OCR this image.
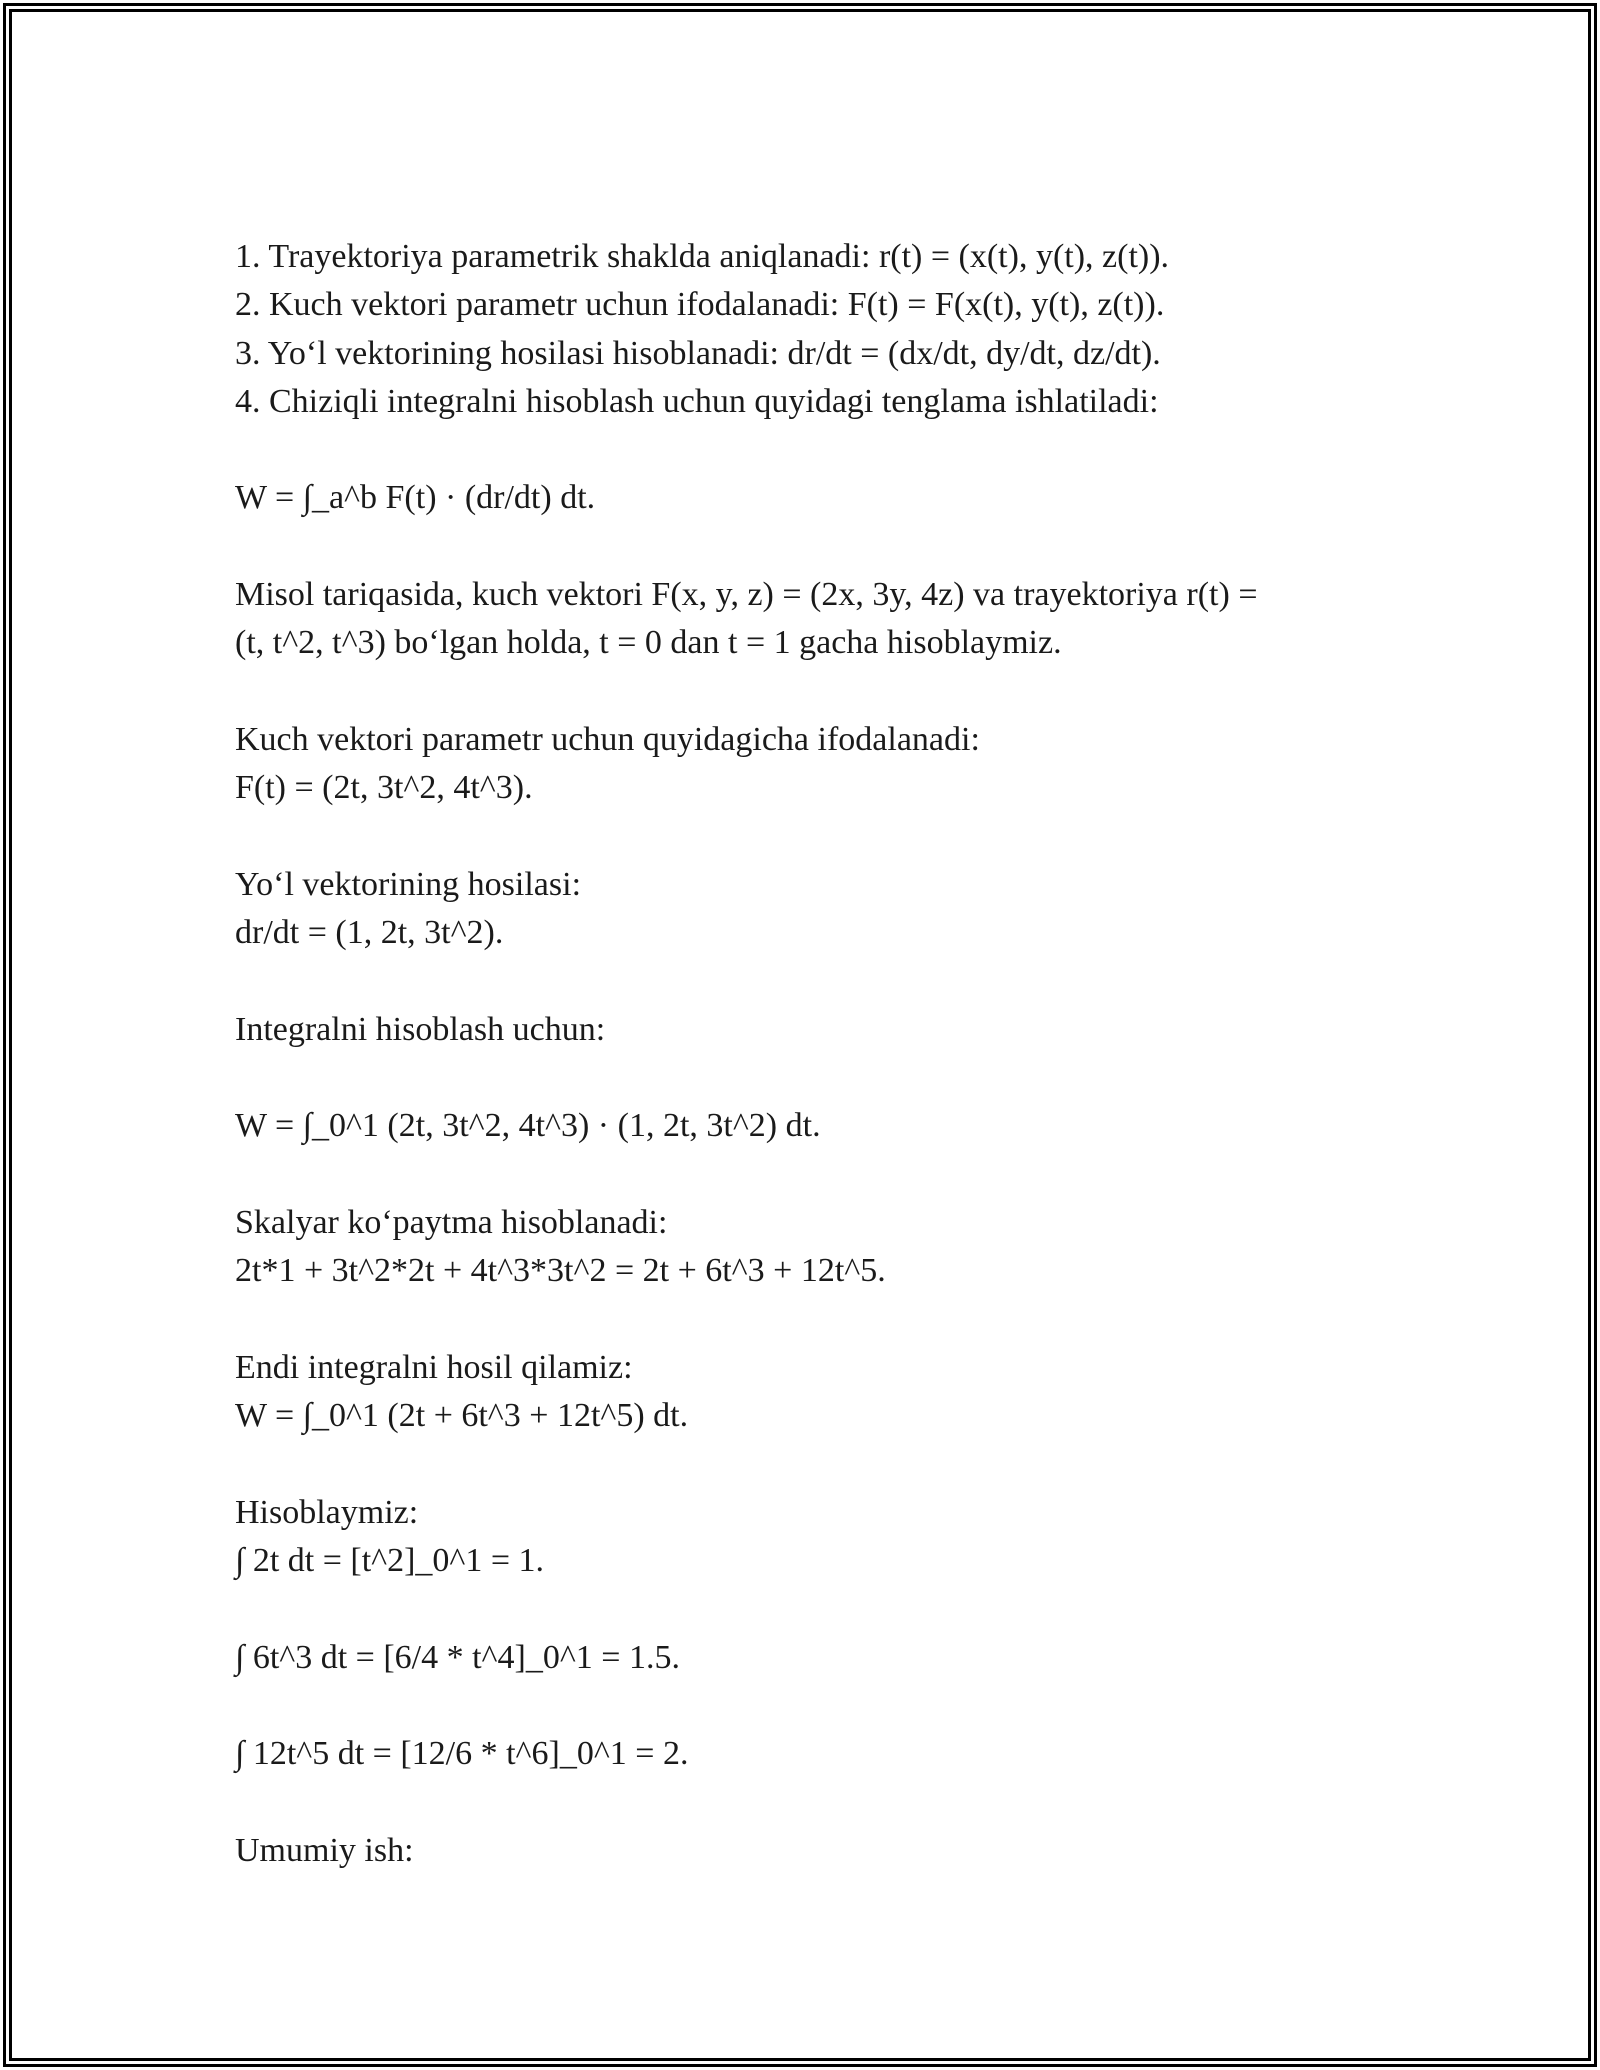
1. Trayektoriya parametrik shaklda aniqlanadi: r(t) = (x(t), y(t), z(t)).
2. Kuch vektori parametr uchun ifodalanadi: F(t) = F(x(t), y(t), z(t)).
3. Yo‘l vektorining hosilasi hisoblanadi: dr/dt = (dx/dt, dy/dt, dz/dt).
4. Chiziqli integralni hisoblash uchun quyidagi tenglama ishlatiladi:
W = ∫_a^b F(t) · (dr/dt) dt.
Misol tariqasida, kuch vektori F(x, y, z) = (2x, 3y, 4z) va trayektoriya r(t) =
(t, t^2, t^3) bo‘lgan holda, t = 0 dan t = 1 gacha hisoblaymiz.
Kuch vektori parametr uchun quyidagicha ifodalanadi:
F(t) = (2t, 3t^2, 4t^3).
Yo‘l vektorining hosilasi:
dr/dt = (1, 2t, 3t^2).
Integralni hisoblash uchun:
W = ∫_0^1 (2t, 3t^2, 4t^3) · (1, 2t, 3t^2) dt.
Skalyar ko‘paytma hisoblanadi:
2t*1 + 3t^2*2t + 4t^3*3t^2 = 2t + 6t^3 + 12t^5.
Endi integralni hosil qilamiz:
W = ∫_0^1 (2t + 6t^3 + 12t^5) dt.
Hisoblaymiz:
∫ 2t dt = [t^2]_0^1 = 1.
∫ 6t^3 dt = [6/4 * t^4]_0^1 = 1.5.
∫ 12t^5 dt = [12/6 * t^6]_0^1 = 2.
Umumiy ish:
